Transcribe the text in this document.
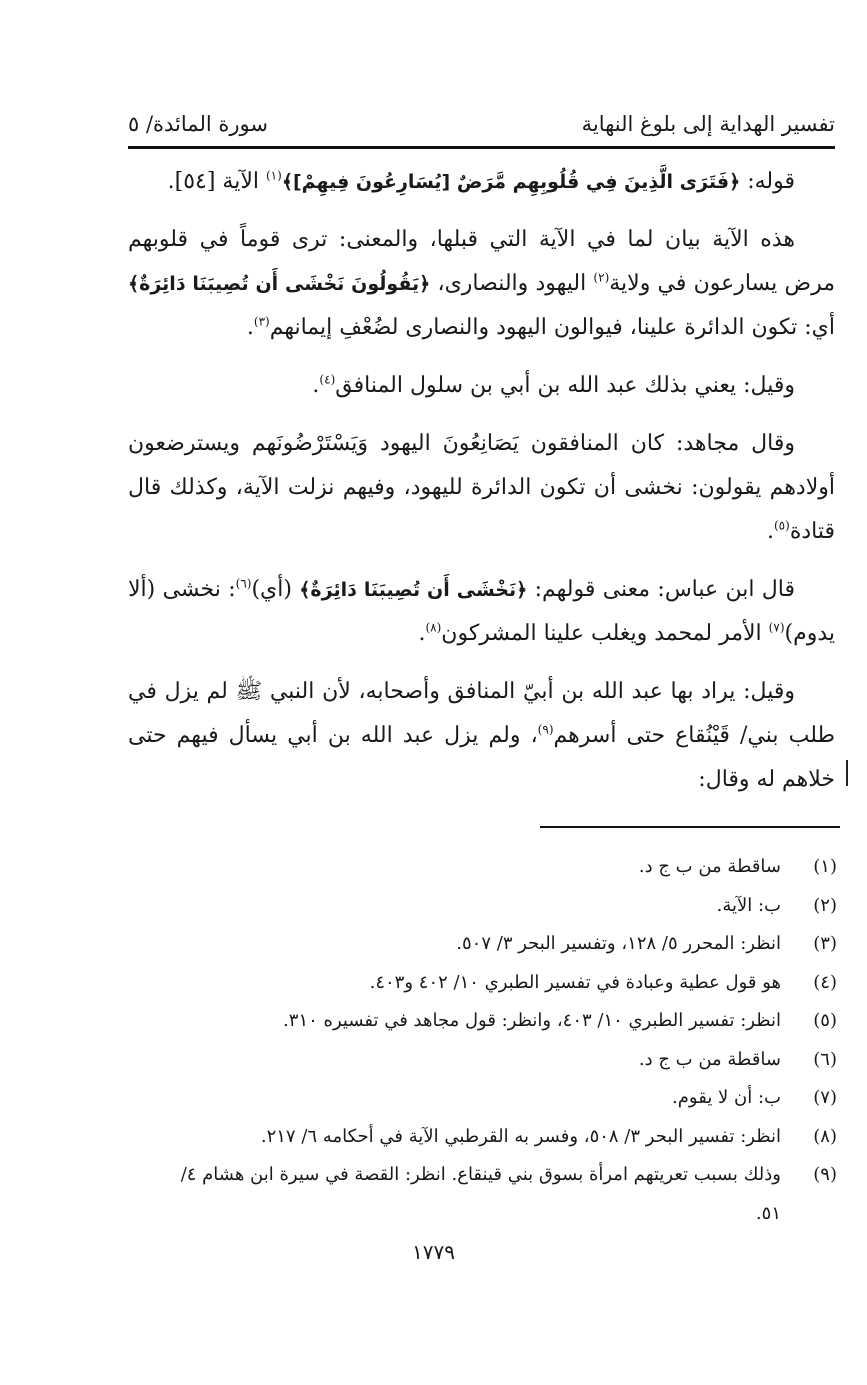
تفسير الهداية إلى بلوغ النهاية
سورة المائدة/ ٥

قوله: ﴿فَتَرَى الَّذِينَ فِي قُلُوبِهِم مَّرَضٌ [يُسَارِعُونَ فِيهِمْ]﴾$^{(١)}$ الآية [٥٤].

هذه الآية بيان لما في الآية التي قبلها، والمعنى: ترى قوماً في قلوبهم مرض يسارعون في ولاية$^{(٢)}$ اليهود والنصارى، ﴿يَقُولُونَ نَخْشَى أَن تُصِيبَنَا دَائِرَةٌ﴾ أي: تكون الدائرة علينا، فيوالون اليهود والنصارى لضُعْفِ إيمانهم$^{(٣)}$.

وقيل: يعني بذلك عبد الله بن أبي بن سلول المنافق$^{(٤)}$.

وقال مجاهد: كان المنافقون يَصَانِعُونَ اليهود وَيَسْتَرْضُونَهم ويسترضعون أولادهم يقولون: نخشى أن تكون الدائرة لليهود، وفيهم نزلت الآية، وكذلك قال قتادة$^{(٥)}$.

قال ابن عباس: معنى قولهم: ﴿نَخْشَى أَن تُصِيبَنَا دَائِرَةٌ﴾ (أي)$^{(٦)}$: نخشى (ألا يدوم)$^{(٧)}$ الأمر لمحمد ويغلب علينا المشركون$^{(٨)}$.

وقيل: يراد بها عبد الله بن أبيّ المنافق وأصحابه، لأن النبي ﷺ لم يزل في طلب بني/ قَيْنُقاع حتى أسرهم$^{(٩)}$، ولم يزل عبد الله بن أبي يسأل فيهم حتى خلاهم له وقال:

(١)
ساقطة من ب ج د.
(٢)
ب: الآية.
(٣)
انظر: المحرر ٥/ ١٢٨، وتفسير البحر ٣/ ٥٠٧.
(٤)
هو قول عطية وعبادة في تفسير الطبري ١٠/ ٤٠٢ و٤٠٣.
(٥)
انظر: تفسير الطبري ١٠/ ٤٠٣، وانظر: قول مجاهد في تفسيره ٣١٠.
(٦)
ساقطة من ب ج د.
(٧)
ب: أن لا يقوم.
(٨)
انظر: تفسير البحر ٣/ ٥٠٨، وفسر به القرطبي الآية في أحكامه ٦/ ٢١٧.
(٩)
وذلك بسبب تعريتهم امرأة بسوق بني قينقاع. انظر: القصة في سيرة ابن هشام ٤/ ٥١.
١٧٧٩
